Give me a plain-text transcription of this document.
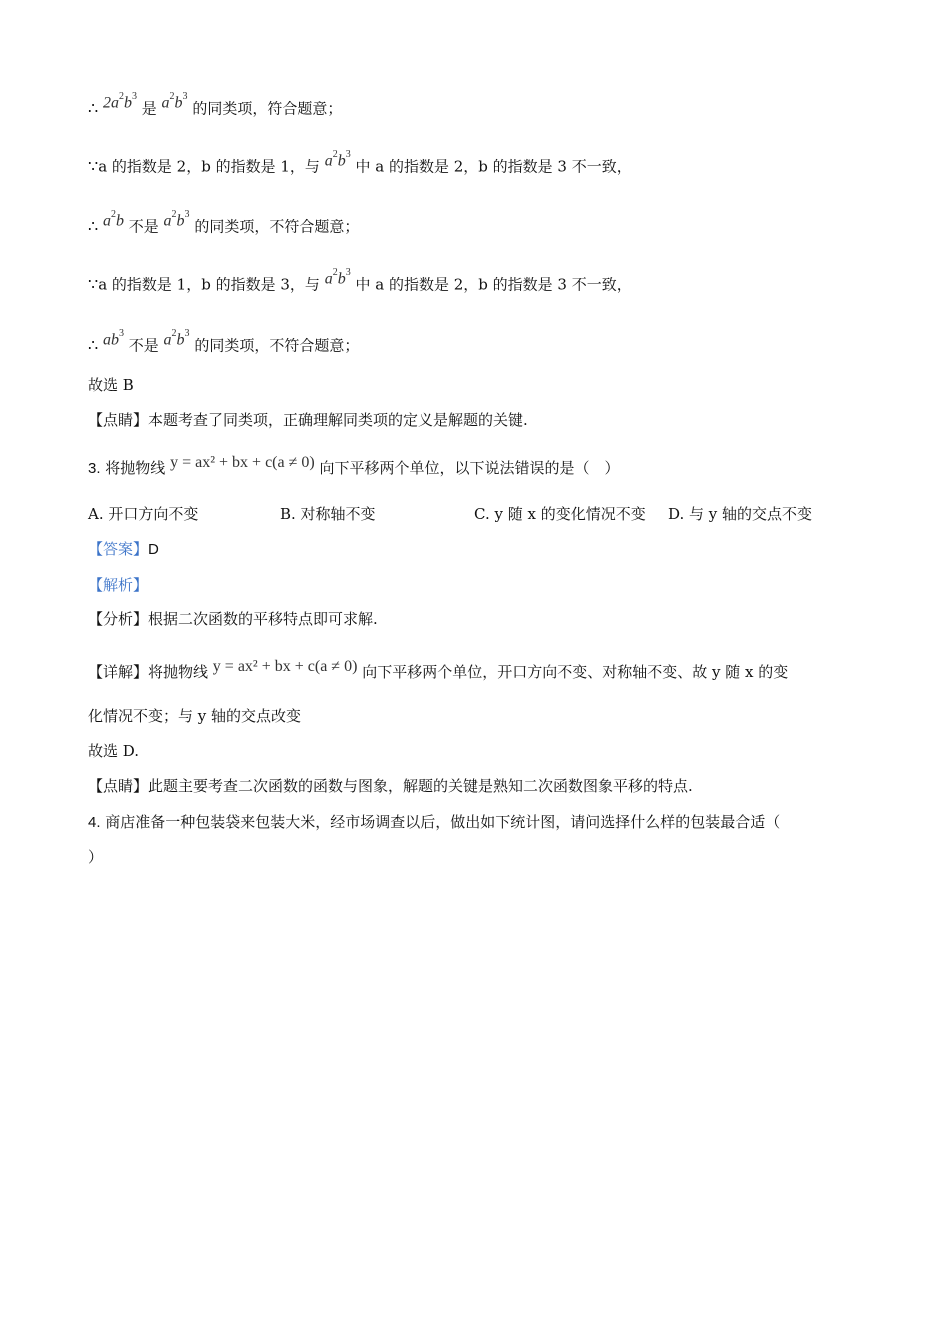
∴ $2a^2b^3$ 是 $a^2b^3$ 的同类项，符合题意；
∵a 的指数是 2，b 的指数是 1，与 $a^2b^3$ 中 a 的指数是 2，b 的指数是 3 不一致，
∴ $a^2b$ 不是 $a^2b^3$ 的同类项，不符合题意；
∵a 的指数是 1，b 的指数是 3，与 $a^2b^3$ 中 a 的指数是 2，b 的指数是 3 不一致，
∴ $ab^3$ 不是 $a^2b^3$ 的同类项，不符合题意；
故选 B
【点睛】本题考查了同类项，正确理解同类项的定义是解题的关键.
3. 将抛物线 y = ax² + bx + c(a ≠ 0) 向下平移两个单位，以下说法错误的是（　）
A. 开口方向不变	B. 对称轴不变	C. y 随 x 的变化情况不变 D. 与 y 轴的交点不变
【答案】D
【解析】
【分析】根据二次函数的平移特点即可求解.
【详解】将抛物线 y = ax² + bx + c(a ≠ 0) 向下平移两个单位，开口方向不变、对称轴不变、故 y 随 x 的变
化情况不变；与 y 轴的交点改变
故选 D.
【点睛】此题主要考查二次函数的函数与图象，解题的关键是熟知二次函数图象平移的特点.
4. 商店准备一种包装袋来包装大米，经市场调查以后，做出如下统计图，请问选择什么样的包装最合适（
）
